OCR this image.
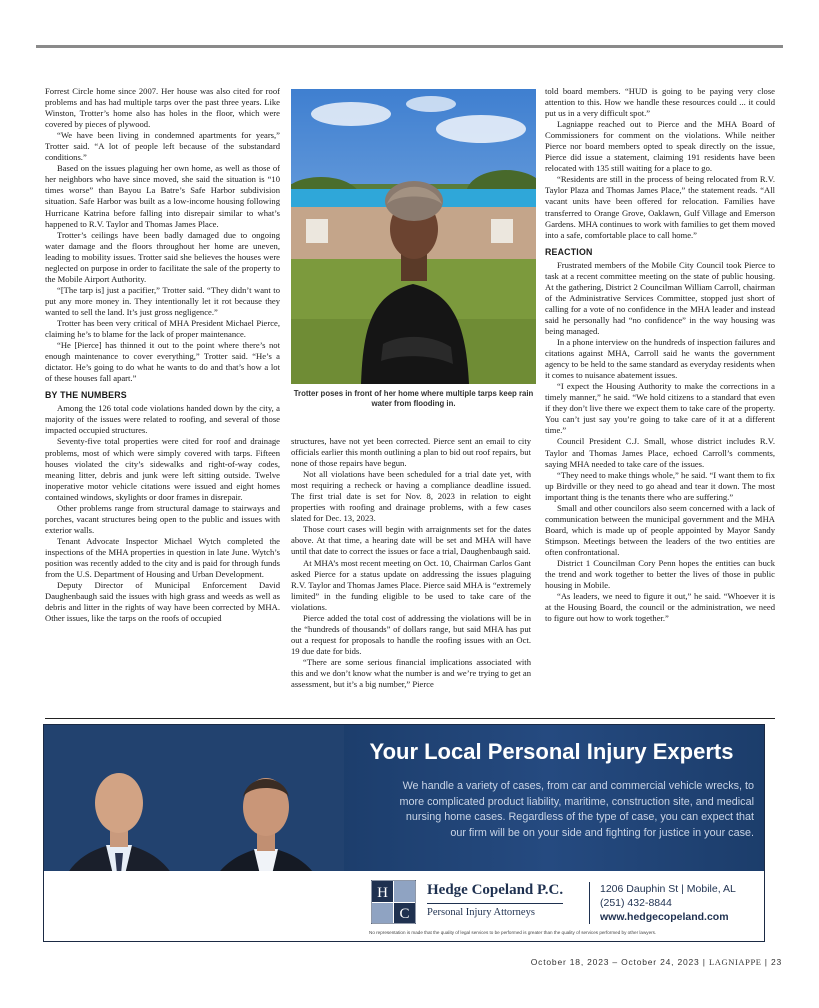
Forrest Circle home since 2007. Her house was also cited for roof problems and has had multiple tarps over the past three years. Like Winston, Trotter’s home also has holes in the floor, which were covered by pieces of plywood.

“We have been living in condemned apartments for years,” Trotter said. “A lot of people left because of the substandard conditions.”

Based on the issues plaguing her own home, as well as those of her neighbors who have since moved, she said the situation is “10 times worse” than Bayou La Batre’s Safe Harbor subdivision situation. Safe Harbor was built as a low-income housing following Hurricane Katrina before falling into disrepair similar to what’s happened to R.V. Taylor and Thomas James Place.

Trotter’s ceilings have been badly damaged due to ongoing water damage and the floors throughout her home are uneven, leading to mobility issues. Trotter said she believes the houses were neglected on purpose in order to facilitate the sale of the property to the Mobile Airport Authority.

“[The tarp is] just a pacifier,” Trotter said. “They didn’t want to put any more money in. They intentionally let it rot because they wanted to sell the land. It’s just gross negligence.”

Trotter has been very critical of MHA President Michael Pierce, claiming he’s to blame for the lack of proper maintenance.

“He [Pierce] has thinned it out to the point where there’s not enough maintenance to cover everything,” Trotter said. “He’s a dictator. He’s going to do what he wants to do and that’s how a lot of these houses fall apart.”

BY THE NUMBERS

Among the 126 total code violations handed down by the city, a majority of the issues were related to roofing, and several of those impacted occupied structures.

Seventy-five total properties were cited for roof and drainage problems, most of which were simply covered with tarps. Fifteen houses violated the city’s sidewalks and right-of-way codes, meaning litter, debris and junk were left sitting outside. Twelve inoperative motor vehicle citations were issued and eight homes contained windows, skylights or door frames in disrepair.

Other problems range from structural damage to stairways and porches, vacant structures being open to the public and issues with exterior walls.

Tenant Advocate Inspector Michael Wytch completed the inspections of the MHA properties in question in late June. Wytch’s position was recently added to the city and is paid for through funds from the U.S. Department of Housing and Urban Development.

Deputy Director of Municipal Enforcement David Daughenbaugh said the issues with high grass and weeds as well as debris and litter in the rights of way have been corrected by MHA. Other issues, like the tarps on the roofs of occupied

Trotter poses in front of her home where multiple tarps keep rain water from flooding in.

structures, have not yet been corrected. Pierce sent an email to city officials earlier this month outlining a plan to bid out roof repairs, but none of those repairs have begun.

Not all violations have been scheduled for a trial date yet, with most requiring a recheck or having a compliance deadline issued. The first trial date is set for Nov. 8, 2023 in relation to eight properties with roofing and drainage problems, with a few cases slated for Dec. 13, 2023.

Those court cases will begin with arraignments set for the dates above. At that time, a hearing date will be set and MHA will have until that date to correct the issues or face a trial, Daughenbaugh said.

At MHA’s most recent meeting on Oct. 10, Chairman Carlos Gant asked Pierce for a status update on addressing the issues plaguing R.V. Taylor and Thomas James Place. Pierce said MHA is “extremely limited” in the funding eligible to be used to take care of the violations.

Pierce added the total cost of addressing the violations will be in the “hundreds of thousands” of dollars range, but said MHA has put out a request for proposals to handle the roofing issues with an Oct. 19 due date for bids.

“There are some serious financial implications associated with this and we don’t know what the number is and we’re trying to get an assessment, but it’s a big number,” Pierce

told board members. “HUD is going to be paying very close attention to this. How we handle these resources could ... it could put us in a very difficult spot.”

Lagniappe reached out to Pierce and the MHA Board of Commissioners for comment on the violations. While neither Pierce nor board members opted to speak directly on the issue, Pierce did issue a statement, claiming 191 residents have been relocated with 135 still waiting for a place to go.

“Residents are still in the process of being relocated from R.V. Taylor Plaza and Thomas James Place,” the statement reads. “All vacant units have been offered for relocation. Families have transferred to Orange Grove, Oaklawn, Gulf Village and Emerson Gardens. MHA continues to work with families to get them moved into a safe, comfortable place to call home.”

REACTION

Frustrated members of the Mobile City Council took Pierce to task at a recent committee meeting on the state of public housing. At the gathering, District 2 Councilman William Carroll, chairman of the Administrative Services Committee, stopped just short of calling for a vote of no confidence in the MHA leader and instead said he personally had “no confidence” in the way housing was being managed.

In a phone interview on the hundreds of inspection failures and citations against MHA, Carroll said he wants the government agency to be held to the same standard as everyday residents when it comes to nuisance abatement issues.

“I expect the Housing Authority to make the corrections in a timely manner,” he said. “We hold citizens to a standard that even if they don’t live there we expect them to take care of the property. You can’t just say you’re going to take care of it at a different time.”

Council President C.J. Small, whose district includes R.V. Taylor and Thomas James Place, echoed Carroll’s comments, saying MHA needed to take care of the issues.

“They need to make things whole,” he said. “I want them to fix up Birdville or they need to go ahead and tear it down. The most important thing is the tenants there who are suffering.”

Small and other councilors also seem concerned with a lack of communication between the municipal government and the MHA Board, which is made up of people appointed by Mayor Sandy Stimpson. Meetings between the leaders of the two entities are often confrontational.

District 1 Councilman Cory Penn hopes the entities can buck the trend and work together to better the lives of those in public housing in Mobile.

“As leaders, we need to figure it out,” he said. “Whoever it is at the Housing Board, the council or the administration, we need to figure out how to work together.”

Your Local Personal Injury Experts
We handle a variety of cases, from car and commercial vehicle wrecks, to
more complicated product liability, maritime, construction site, and medical
nursing home cases. Regardless of the type of case, you can expect that
our firm will be on your side and fighting for justice in your case.
S. Russ Copeland & Robert J. Hedge
H
C
Hedge Copeland P.C.
Personal Injury Attorneys
1206 Dauphin St | Mobile, AL
(251) 432-8844
www.hedgecopeland.com
No representation is made that the quality of legal services to be performed is greater than the quality of services performed by other lawyers.
October 18, 2023 – October 24, 2023 | LAGNIAPPE | 23
